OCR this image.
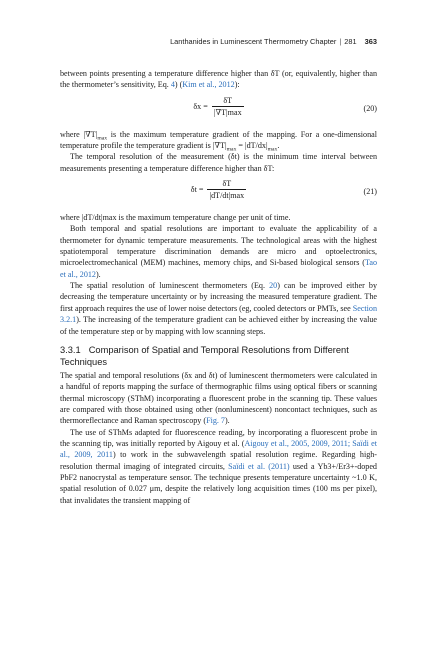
Lanthanides in Luminescent Thermometry Chapter | 281 363

between points presenting a temperature difference higher than δT (or, equivalently, higher than the thermometer’s sensitivity, Eq. 4) (Kim et al., 2012):

$\delta x = \frac{\delta T}{|\nabla T|\max}$	(20)

where $|\nabla T|_{max}$ is the maximum temperature gradient of the mapping. For a one-dimensional temperature profile the temperature gradient is $|\nabla T|_{max} = |dT/dx|_{max}$.

The temporal resolution of the measurement (δt) is the minimum time interval between measurements presenting a temperature difference higher than δT:

$\delta t = \frac{\delta T}{|dT/dt|\max}$	(21)

where |dT/dt|max is the maximum temperature change per unit of time.

Both temporal and spatial resolutions are important to evaluate the applicability of a thermometer for dynamic temperature measurements. The technological areas with the highest spatiotemporal temperature discrimination demands are micro and optoelectronics, microelectromechanical (MEM) machines, memory chips, and Si-based biological sensors (Tao et al., 2012).

The spatial resolution of luminescent thermometers (Eq. 20) can be improved either by decreasing the temperature uncertainty or by increasing the measured temperature gradient. The first approach requires the use of lower noise detectors (eg, cooled detectors or PMTs, see Section 3.2.1). The increasing of the temperature gradient can be achieved either by increasing the value of the temperature step or by mapping with low scanning steps.

3.3.1 Comparison of Spatial and Temporal Resolutions from Different Techniques

The spatial and temporal resolutions (δx and δt) of luminescent thermometers were calculated in a handful of reports mapping the surface of thermographic films using optical fibers or scanning thermal microscopy (SThM) incorporating a fluorescent probe in the scanning tip. These values are compared with those obtained using other (nonluminescent) noncontact techniques, such as thermoreflectance and Raman spectroscopy (Fig. 7).

The use of SThMs adapted for fluorescence reading, by incorporating a fluorescent probe in the scanning tip, was initially reported by Aigouy et al. (Aigouy et al., 2005, 2009, 2011; Saïdi et al., 2009, 2011) to work in the subwavelength spatial resolution regime. Regarding high-resolution thermal imaging of integrated circuits, Saïdi et al. (2011) used a Yb3+/Er3+-doped PbF2 nanocrystal as temperature sensor. The technique presents temperature uncertainty ~1.0 K, spatial resolution of 0.027 μm, despite the relatively long acquisition times (100 ms per pixel), that invalidates the transient mapping of
